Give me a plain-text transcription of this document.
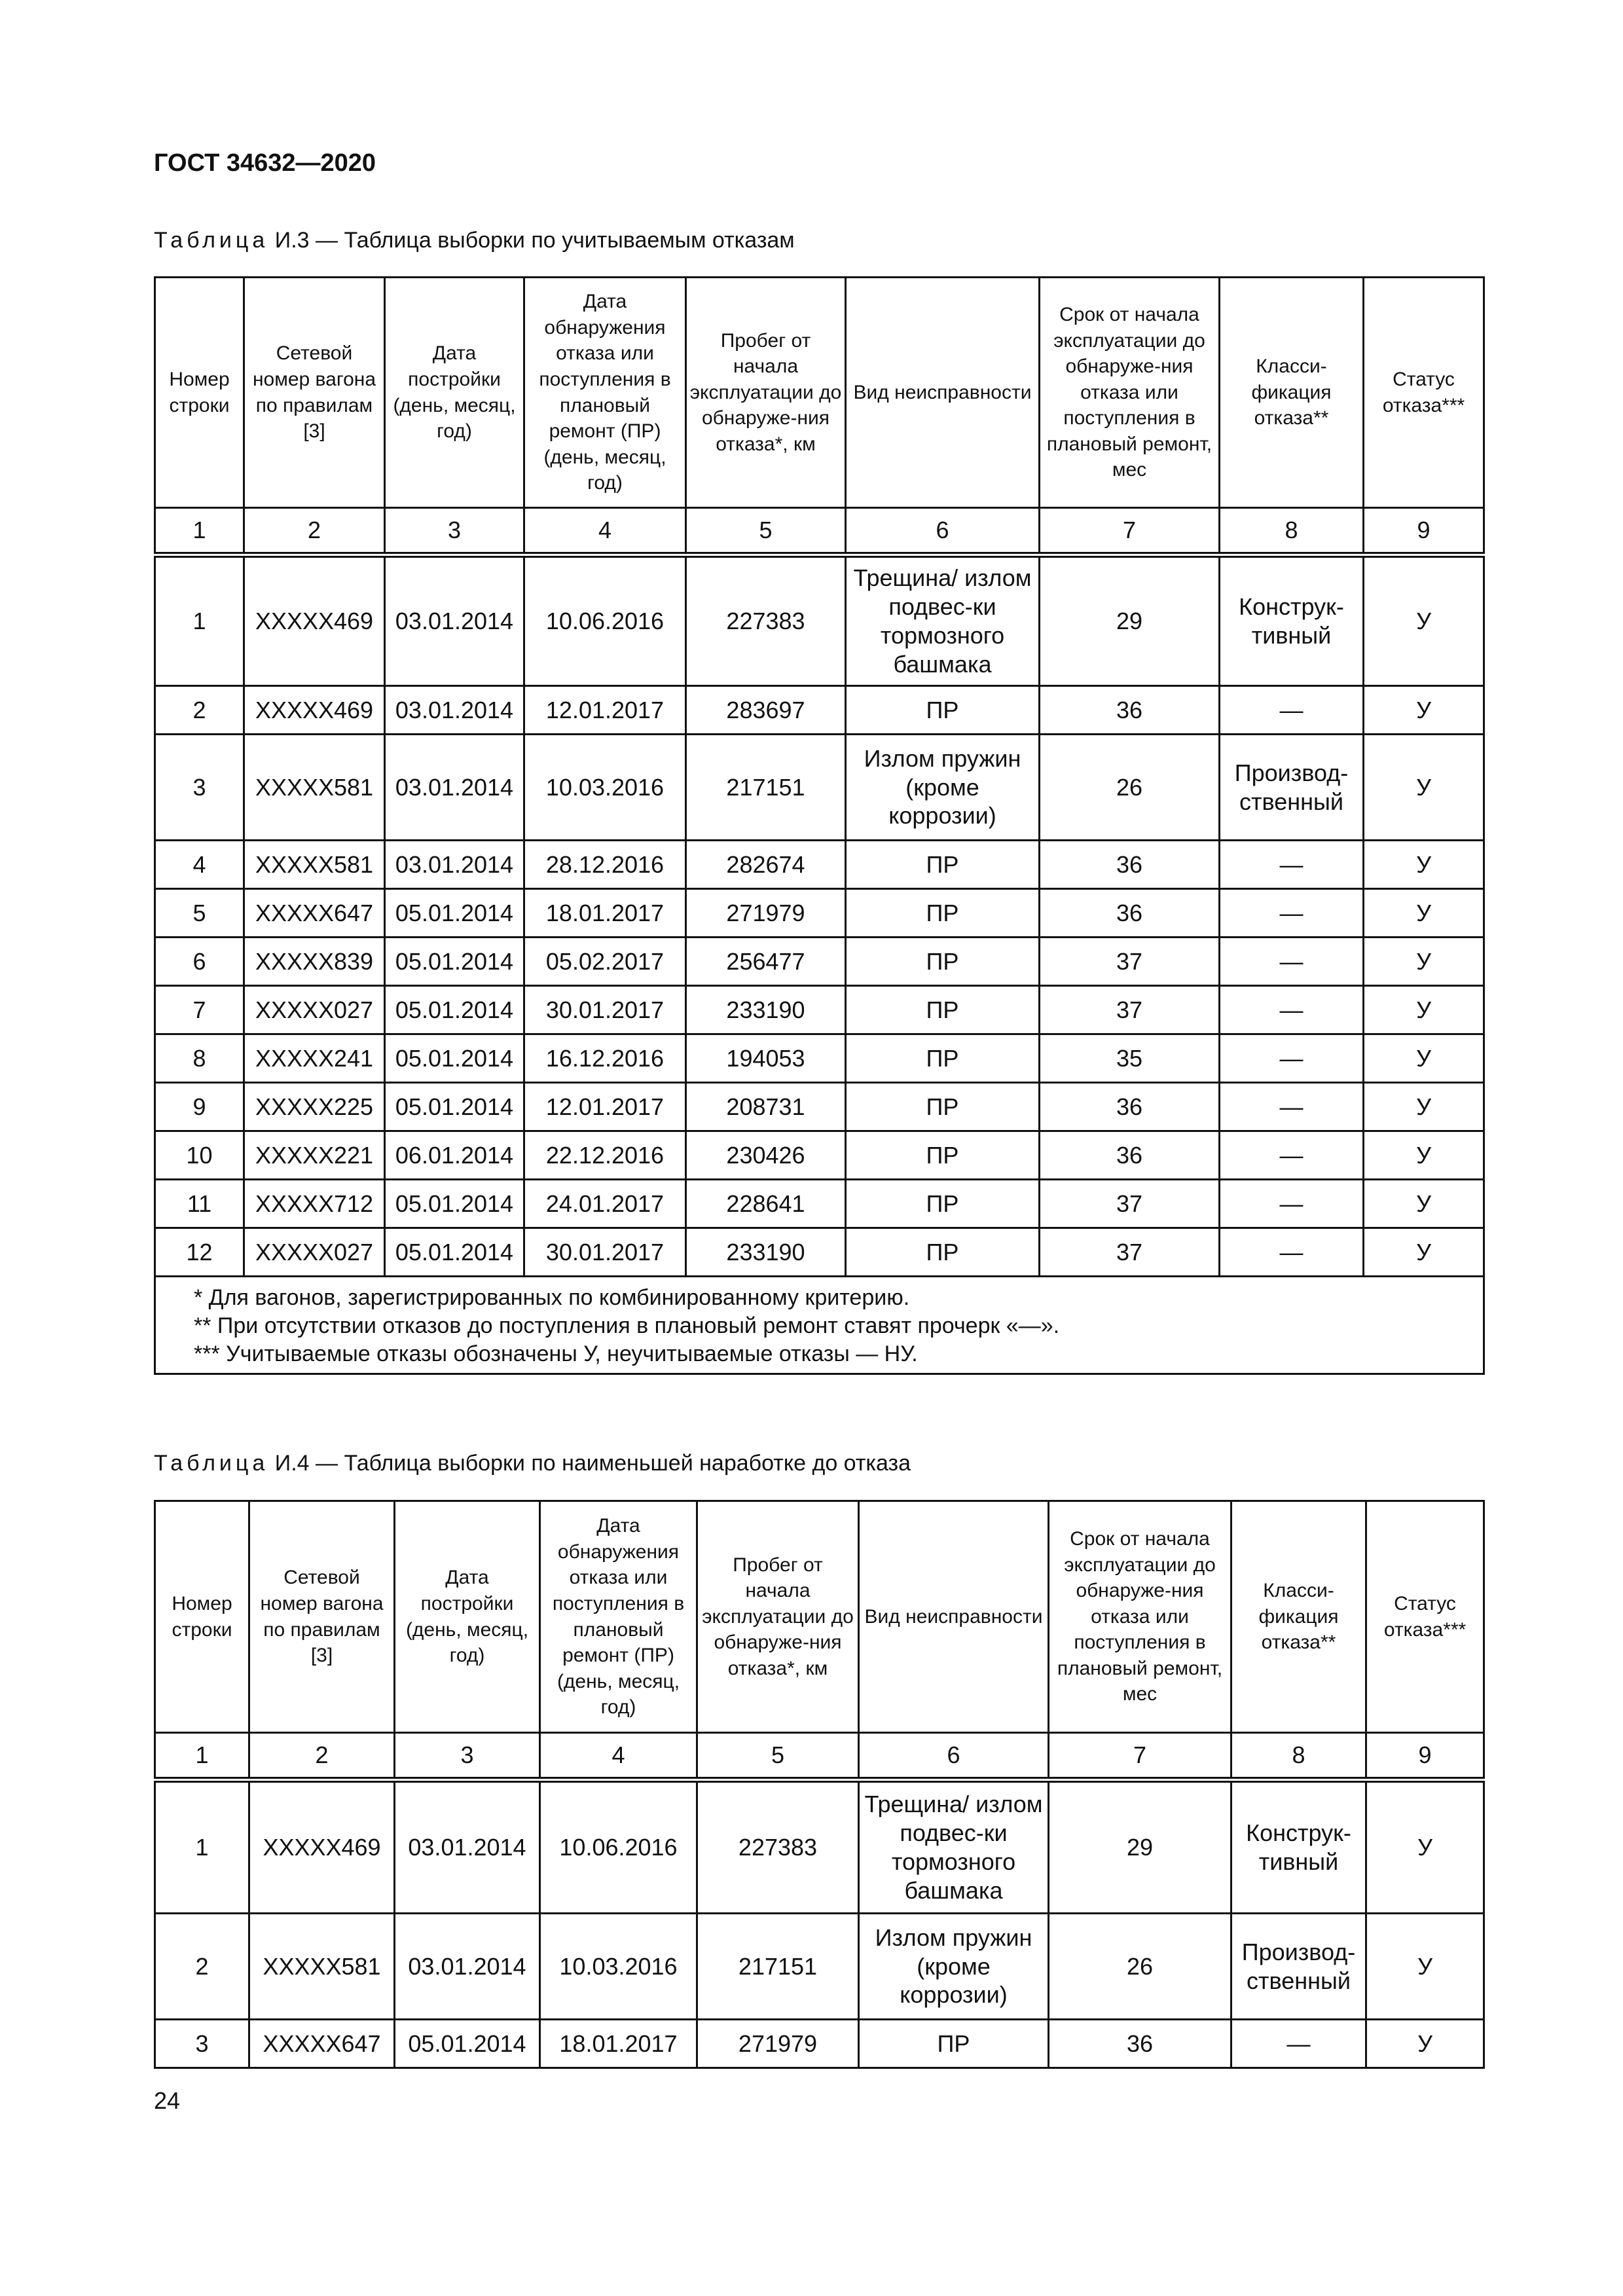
ГОСТ 34632—2020
Таблица И.3 — Таблица выборки по учитываемым отказам
Номер строки	Сетевой номер вагона по правилам [3]	Дата постройки (день, месяц, год)	Дата обнаружения отказа или поступления в плановый ремонт (ПР) (день, месяц, год)	Пробег от начала эксплуатации до обнаруже-ния отказа*, км	Вид неисправности	Срок от начала эксплуатации до обнаруже-ния отказа или поступления в плановый ремонт, мес	Класси-фикация отказа**	Статус отказа***
1	2	3	4	5	6	7	8	9
1	XXXXX469	03.01.2014	10.06.2016	227383	Трещина/ излом подвес-ки тормозного башмака	29	Конструк-тивный	У
2	XXXXX469	03.01.2014	12.01.2017	283697	ПР	36	—	У
3	XXXXX581	03.01.2014	10.03.2016	217151	Излом пружин (кроме коррозии)	26	Производ-ственный	У
4	XXXXX581	03.01.2014	28.12.2016	282674	ПР	36	—	У
5	XXXXX647	05.01.2014	18.01.2017	271979	ПР	36	—	У
6	XXXXX839	05.01.2014	05.02.2017	256477	ПР	37	—	У
7	XXXXX027	05.01.2014	30.01.2017	233190	ПР	37	—	У
8	XXXXX241	05.01.2014	16.12.2016	194053	ПР	35	—	У
9	XXXXX225	05.01.2014	12.01.2017	208731	ПР	36	—	У
10	XXXXX221	06.01.2014	22.12.2016	230426	ПР	36	—	У
11	XXXXX712	05.01.2014	24.01.2017	228641	ПР	37	—	У
12	XXXXX027	05.01.2014	30.01.2017	233190	ПР	37	—	У

* Для вагонов, зарегистрированных по комбинированному критерию.
** При отсутствии отказов до поступления в плановый ремонт ставят прочерк «—».
*** Учитываемые отказы обозначены У, неучитываемые отказы — НУ.								
Таблица И.4 — Таблица выборки по наименьшей наработке до отказа
Номер строки	Сетевой номер вагона по правилам [3]	Дата постройки (день, месяц, год)	Дата обнаружения отказа или поступления в плановый ремонт (ПР) (день, месяц, год)	Пробег от начала эксплуатации до обнаруже-ния отказа*, км	Вид неисправности	Срок от начала эксплуатации до обнаруже-ния отказа или поступления в плановый ремонт, мес	Класси-фикация отказа**	Статус отказа***
1	2	3	4	5	6	7	8	9
1	XXXXX469	03.01.2014	10.06.2016	227383	Трещина/ излом подвес-ки тормозного башмака	29	Конструк-тивный	У
2	XXXXX581	03.01.2014	10.03.2016	217151	Излом пружин (кроме коррозии)	26	Производ-ственный	У
3	XXXXX647	05.01.2014	18.01.2017	271979	ПР	36	—	У
24
